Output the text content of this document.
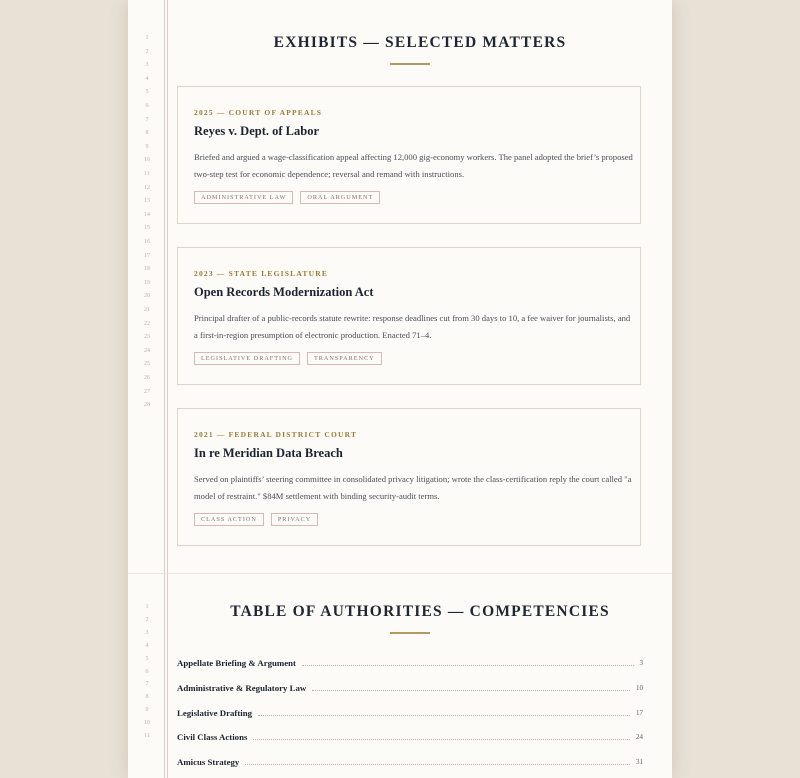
1
2
3
4
5
6
7
8
9
10
11
12
13
14
15
16
17
18
19
20
21
22
23
24
25
26
27
28
EXHIBITS — SELECTED MATTERS
2025 — COURT OF APPEALS
Reyes v. Dept. of Labor
Briefed and argued a wage-classification appeal affecting 12,000 gig-economy workers. The panel adopted the brief’s proposed two-step test for economic dependence; reversal and remand with instructions.
ADMINISTRATIVE LAW	ORAL ARGUMENT
2023 — STATE LEGISLATURE
Open Records Modernization Act
Principal drafter of a public-records statute rewrite: response deadlines cut from 30 days to 10, a fee waiver for journalists, and a first-in-region presumption of electronic production. Enacted 71–4.
LEGISLATIVE DRAFTING	TRANSPARENCY
2021 — FEDERAL DISTRICT COURT
In re Meridian Data Breach
Served on plaintiffs’ steering committee in consolidated privacy litigation; wrote the class-certification reply the court called "a model of restraint." $84M settlement with binding security-audit terms.
CLASS ACTION	PRIVACY
1
2
3
4
5
6
7
8
9
10
11
TABLE OF AUTHORITIES — COMPETENCIES
Appellate Briefing & Argument	3
Administrative & Regulatory Law	10
Legislative Drafting	17
Civil Class Actions	24
Amicus Strategy	31
